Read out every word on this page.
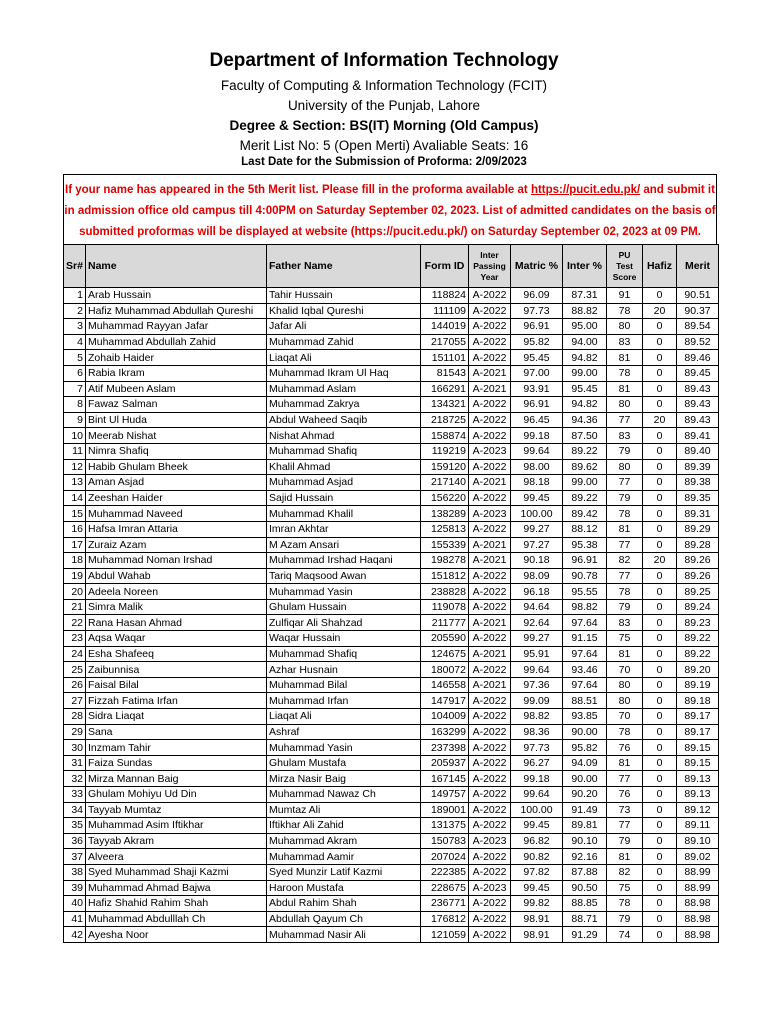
Department of Information Technology
Faculty of Computing & Information Technology (FCIT)
University of the Punjab, Lahore
Degree & Section: BS(IT) Morning (Old Campus)
Merit List No: 5 (Open Merti) Avaliable Seats: 16
Last Date for the Submission of Proforma: 2/09/2023
If your name has appeared in the 5th Merit list. Please fill in the proforma available at https://pucit.edu.pk/ and submit it in admission office old campus till 4:00PM on Saturday September 02, 2023. List of admitted candidates on the basis of submitted proformas will be displayed at website (https://pucit.edu.pk/) on Saturday September 02, 2023 at 09 PM.
Sr#	Name	Father Name	Form ID	Inter Passing Year	Matric %	Inter %	PU Test Score	Hafiz	Merit
1	Arab Hussain	Tahir Hussain	118824	A-2022	96.09	87.31	91	0	90.51
2	Hafiz Muhammad Abdullah Qureshi	Khalid Iqbal Qureshi	111109	A-2022	97.73	88.82	78	20	90.37
3	Muhammad Rayyan Jafar	Jafar Ali	144019	A-2022	96.91	95.00	80	0	89.54
4	Muhammad Abdullah Zahid	Muhammad Zahid	217055	A-2022	95.82	94.00	83	0	89.52
5	Zohaib Haider	Liaqat Ali	151101	A-2022	95.45	94.82	81	0	89.46
6	Rabia Ikram	Muhammad Ikram Ul Haq	81543	A-2021	97.00	99.00	78	0	89.45
7	Atif Mubeen Aslam	Muhammad Aslam	166291	A-2021	93.91	95.45	81	0	89.43
8	Fawaz Salman	Muhammad Zakrya	134321	A-2022	96.91	94.82	80	0	89.43
9	Bint Ul Huda	Abdul Waheed Saqib	218725	A-2022	96.45	94.36	77	20	89.43
10	Meerab Nishat	Nishat Ahmad	158874	A-2022	99.18	87.50	83	0	89.41
11	Nimra Shafiq	Muhammad Shafiq	119219	A-2023	99.64	89.22	79	0	89.40
12	Habib Ghulam Bheek	Khalil Ahmad	159120	A-2022	98.00	89.62	80	0	89.39
13	Aman Asjad	Muhammad Asjad	217140	A-2021	98.18	99.00	77	0	89.38
14	Zeeshan Haider	Sajid Hussain	156220	A-2022	99.45	89.22	79	0	89.35
15	Muhammad Naveed	Muhammad Khalil	138289	A-2023	100.00	89.42	78	0	89.31
16	Hafsa Imran Attaria	Imran Akhtar	125813	A-2022	99.27	88.12	81	0	89.29
17	Zuraiz Azam	M Azam Ansari	155339	A-2021	97.27	95.38	77	0	89.28
18	Muhammad Noman Irshad	Muhammad Irshad Haqani	198278	A-2021	90.18	96.91	82	20	89.26
19	Abdul Wahab	Tariq Maqsood Awan	151812	A-2022	98.09	90.78	77	0	89.26
20	Adeela Noreen	Muhammad Yasin	238828	A-2022	96.18	95.55	78	0	89.25
21	Simra Malik	Ghulam Hussain	119078	A-2022	94.64	98.82	79	0	89.24
22	Rana Hasan Ahmad	Zulfiqar Ali Shahzad	211777	A-2021	92.64	97.64	83	0	89.23
23	Aqsa Waqar	Waqar Hussain	205590	A-2022	99.27	91.15	75	0	89.22
24	Esha Shafeeq	Muhammad Shafiq	124675	A-2021	95.91	97.64	81	0	89.22
25	Zaibunnisa	Azhar Husnain	180072	A-2022	99.64	93.46	70	0	89.20
26	Faisal Bilal	Muhammad Bilal	146558	A-2021	97.36	97.64	80	0	89.19
27	Fizzah Fatima Irfan	Muhammad Irfan	147917	A-2022	99.09	88.51	80	0	89.18
28	Sidra Liaqat	Liaqat Ali	104009	A-2022	98.82	93.85	70	0	89.17
29	Sana	Ashraf	163299	A-2022	98.36	90.00	78	0	89.17
30	Inzmam Tahir	Muhammad Yasin	237398	A-2022	97.73	95.82	76	0	89.15
31	Faiza Sundas	Ghulam Mustafa	205937	A-2022	96.27	94.09	81	0	89.15
32	Mirza Mannan Baig	Mirza Nasir Baig	167145	A-2022	99.18	90.00	77	0	89.13
33	Ghulam Mohiyu Ud Din	Muhammad Nawaz Ch	149757	A-2022	99.64	90.20	76	0	89.13
34	Tayyab Mumtaz	Mumtaz Ali	189001	A-2022	100.00	91.49	73	0	89.12
35	Muhammad Asim Iftikhar	Iftikhar Ali Zahid	131375	A-2022	99.45	89.81	77	0	89.11
36	Tayyab Akram	Muhammad Akram	150783	A-2023	96.82	90.10	79	0	89.10
37	Alveera	Muhammad Aamir	207024	A-2022	90.82	92.16	81	0	89.02
38	Syed Muhammad Shaji Kazmi	Syed Munzir Latif Kazmi	222385	A-2022	97.82	87.88	82	0	88.99
39	Muhammad Ahmad Bajwa	Haroon Mustafa	228675	A-2023	99.45	90.50	75	0	88.99
40	Hafiz Shahid Rahim Shah	Abdul Rahim Shah	236771	A-2022	99.82	88.85	78	0	88.98
41	Muhammad Abdulllah Ch	Abdullah Qayum Ch	176812	A-2022	98.91	88.71	79	0	88.98
42	Ayesha Noor	Muhammad Nasir Ali	121059	A-2022	98.91	91.29	74	0	88.98
